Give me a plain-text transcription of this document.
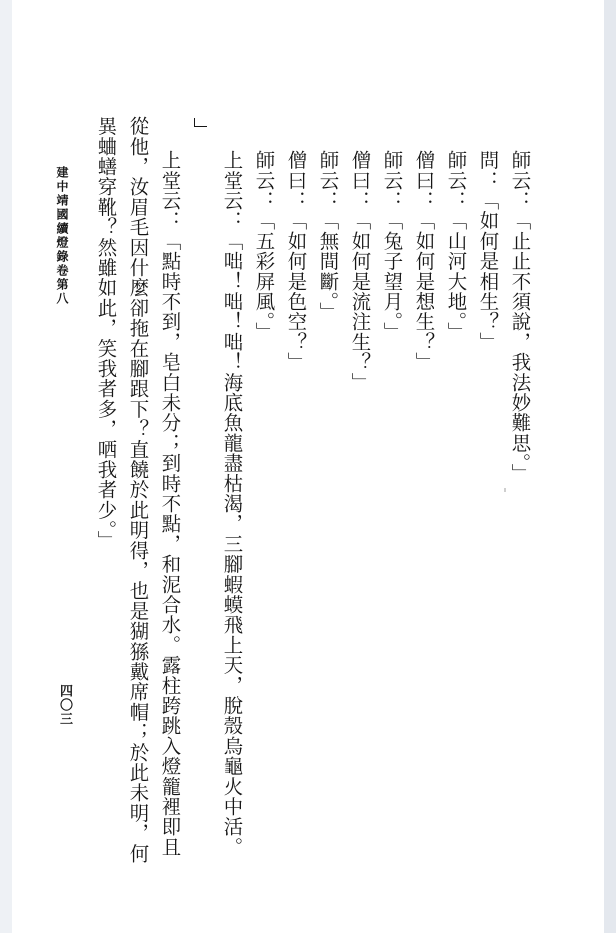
師云：「止止不須說，我法妙難思。」
問：「如何是相生？」
師云：「山河大地。」
僧曰：「如何是想生？」
師云：「兔子望月。」
僧曰：「如何是流注生？」
師云：「無間斷。」
僧曰：「如何是色空？」
師云：「五彩屏風。」
上堂云：「咄！咄！咄！海底魚龍盡枯渴，三腳蝦蟆飛上天，脫殼烏龜火中活。
上堂云：「點時不到，皂白未分；到時不點，和泥合水。露柱跨跳入燈籠裡即且
從他，汝眉毛因什麼卻拖在腳跟下？直饒於此明得，也是猢猻戴席帽；於此未明，何
異蛐蟮穿靴？然雖如此，笑我者多，哂我者少。」
建中靖國續燈錄卷第八
四〇三
